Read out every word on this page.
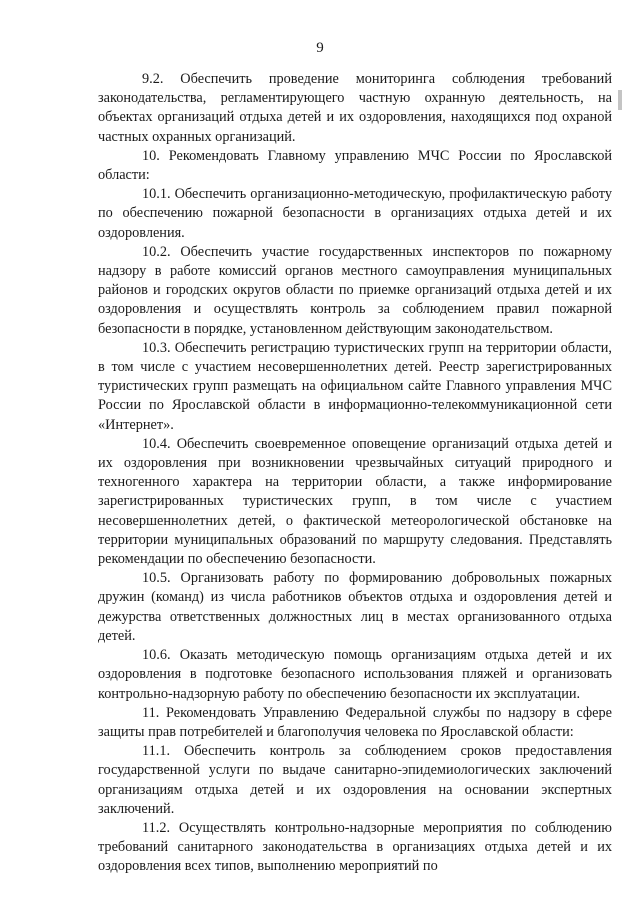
9

9.2. Обеспечить проведение мониторинга соблюдения требований законодательства, регламентирующего частную охранную деятельность, на объектах организаций отдыха детей и их оздоровления, находящихся под охраной частных охранных организаций.

10. Рекомендовать Главному управлению МЧС России по Ярославской области:

10.1. Обеспечить организационно-методическую, профилактическую работу по обеспечению пожарной безопасности в организациях отдыха детей и их оздоровления.

10.2. Обеспечить участие государственных инспекторов по пожарному надзору в работе комиссий органов местного самоуправления муниципальных районов и городских округов области по приемке организаций отдыха детей и их оздоровления и осуществлять контроль за соблюдением правил пожарной безопасности в порядке, установленном действующим законодательством.

10.3. Обеспечить регистрацию туристических групп на территории области, в том числе с участием несовершеннолетних детей. Реестр зарегистрированных туристических групп размещать на официальном сайте Главного управления МЧС России по Ярославской области в информационно-телекоммуникационной сети «Интернет».

10.4. Обеспечить своевременное оповещение организаций отдыха детей и их оздоровления при возникновении чрезвычайных ситуаций природного и техногенного характера на территории области, а также информирование зарегистрированных туристических групп, в том числе с участием несовершеннолетних детей, о фактической метеорологической обстановке на территории муниципальных образований по маршруту следования. Представлять рекомендации по обеспечению безопасности.

10.5. Организовать работу по формированию добровольных пожарных дружин (команд) из числа работников объектов отдыха и оздоровления детей и дежурства ответственных должностных лиц в местах организованного отдыха детей.

10.6. Оказать методическую помощь организациям отдыха детей и их оздоровления в подготовке безопасного использования пляжей и организовать контрольно-надзорную работу по обеспечению безопасности их эксплуатации.

11. Рекомендовать Управлению Федеральной службы по надзору в сфере защиты прав потребителей и благополучия человека по Ярославской области:

11.1. Обеспечить контроль за соблюдением сроков предоставления государственной услуги по выдаче санитарно-эпидемиологических заключений организациям отдыха детей и их оздоровления на основании экспертных заключений.

11.2. Осуществлять контрольно-надзорные мероприятия по соблюдению требований санитарного законодательства в организациях отдыха детей и их оздоровления всех типов, выполнению мероприятий по
